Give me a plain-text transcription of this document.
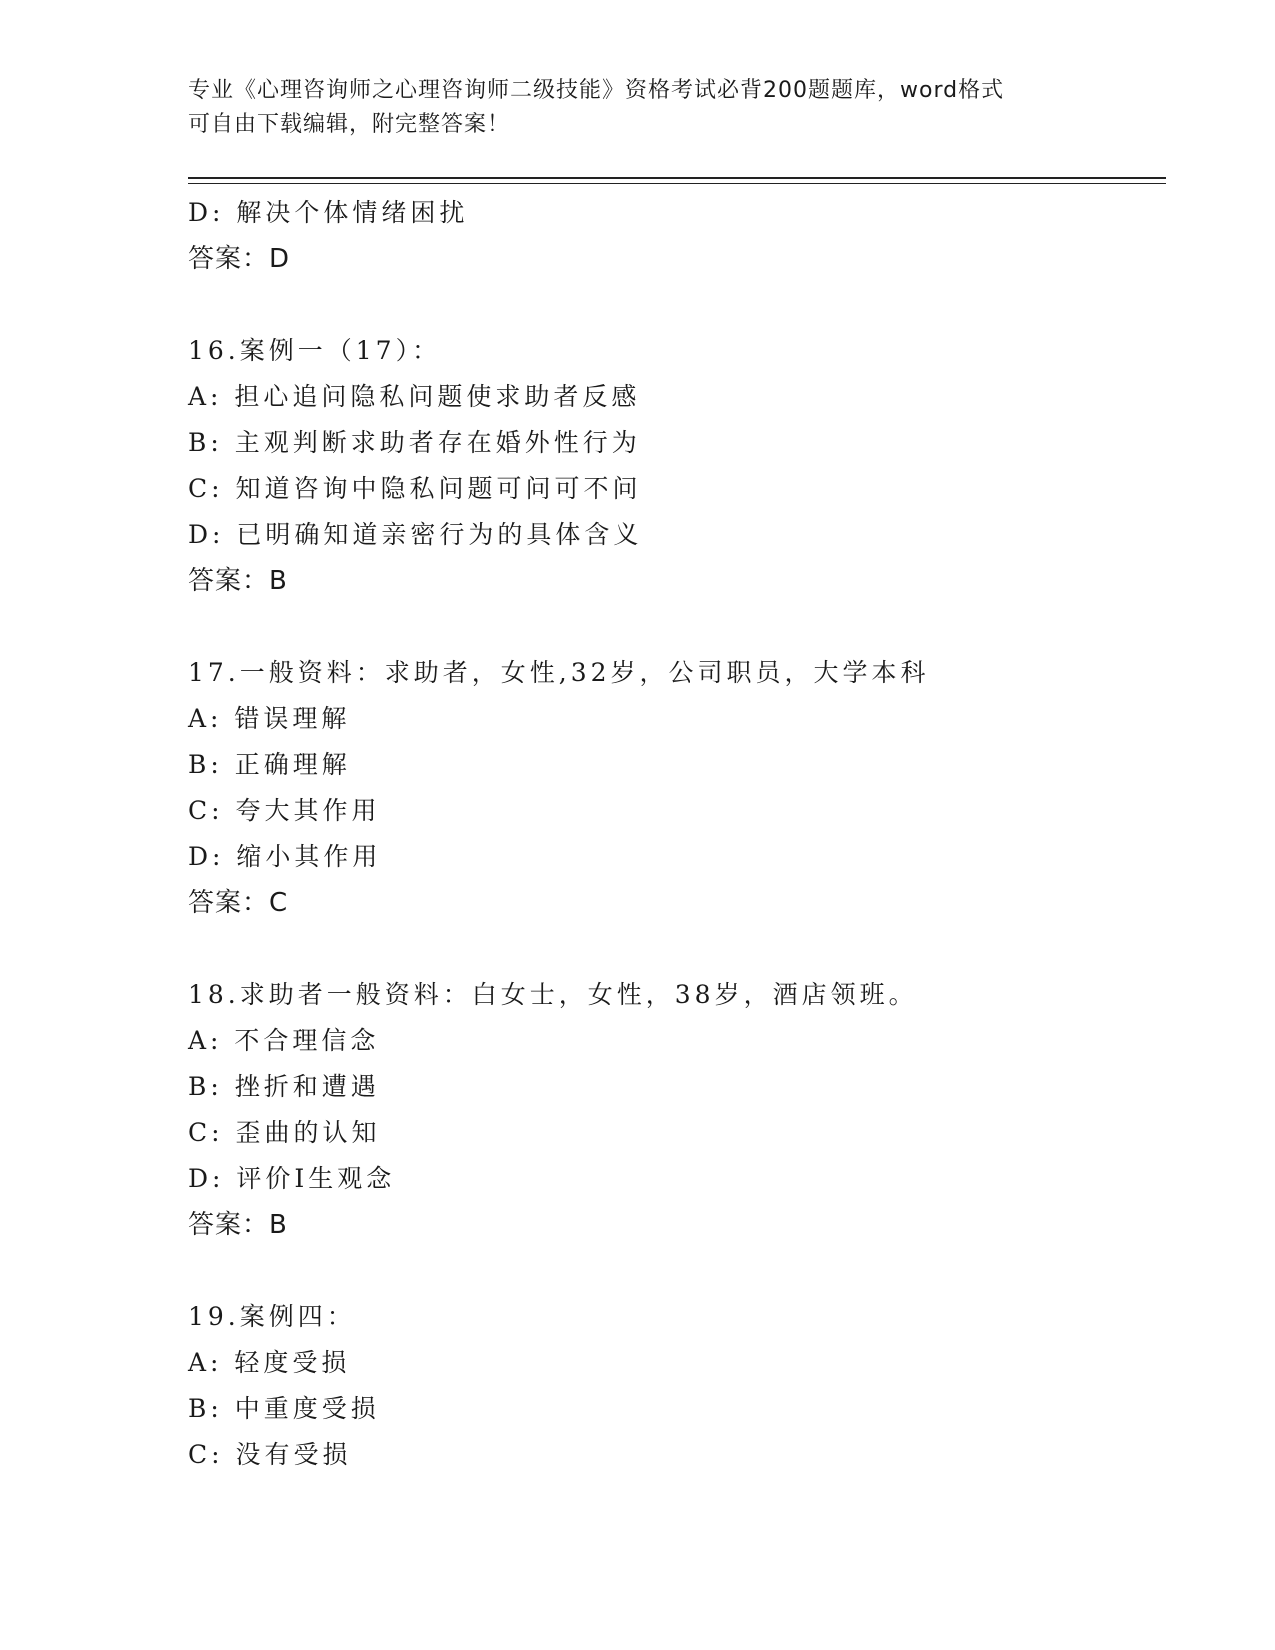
专业《心理咨询师之心理咨询师二级技能》资格考试必背200题题库，word格式
可自由下载编辑，附完整答案！
D: 解决个体情绪困扰
答案：D
16.案例一（17）：
A: 担心追问隐私问题使求助者反感
B: 主观判断求助者存在婚外性行为
C: 知道咨询中隐私问题可问可不问
D: 已明确知道亲密行为的具体含义
答案：B
17.一般资料：求助者，女性,32岁，公司职员，大学本科
A: 错误理解
B: 正确理解
C: 夸大其作用
D: 缩小其作用
答案：C
18.求助者一般资料：白女士，女性，38岁，酒店领班。
A: 不合理信念
B: 挫折和遭遇
C: 歪曲的认知
D: 评价I生观念
答案：B
19.案例四：
A: 轻度受损
B: 中重度受损
C: 没有受损
